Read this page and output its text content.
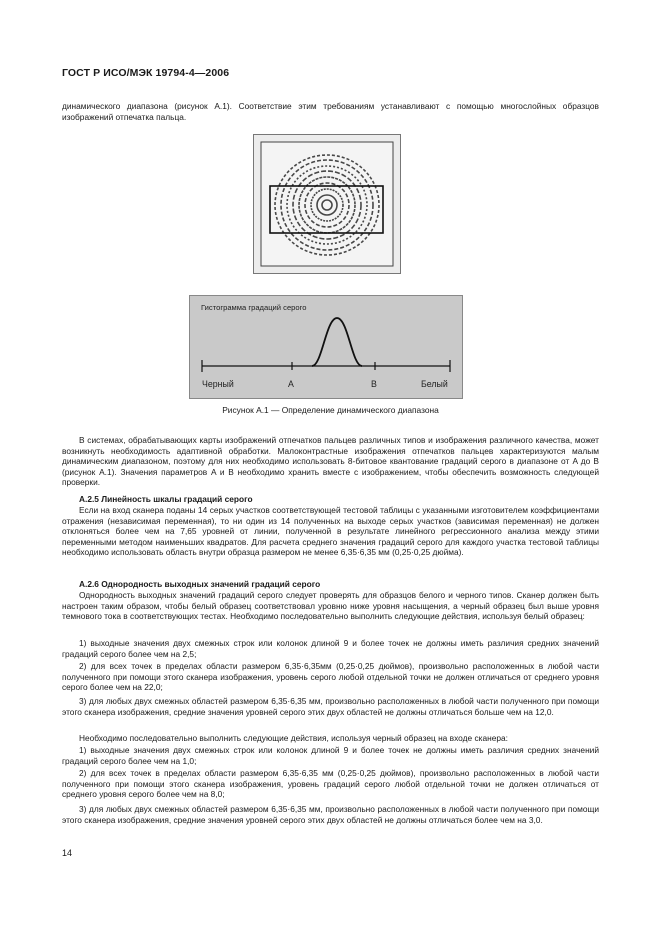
ГОСТ Р ИСО/МЭК 19794-4—2006

динамического диапазона (рисунок А.1). Соответствие этим требованиям устанавливают с помощью многослойных образцов изображений отпечатка пальца.

Гистограмма градаций серого
Черный	A	B	Белый
Рисунок А.1 — Определение динамического диапазона

В системах, обрабатывающих карты изображений отпечатков пальцев различных типов и изображения различного качества, может возникнуть необходимость адаптивной обработки. Малоконтрастные изображения отпечатков пальцев характеризуются малым динамическим диапазоном, поэтому для них необходимо использовать 8-битовое квантование градаций серого в диапазоне от A до B (рисунок А.1). Значения параметров A и B необходимо хранить вместе с изображением, чтобы обеспечить возможность следующей проверки.

А.2.5 Линейность шкалы градаций серого

Если на вход сканера поданы 14 серых участков соответствующей тестовой таблицы с указанными изготовителем коэффициентами отражения (независимая переменная), то ни один из 14 полученных на выходе серых участков (зависимая переменная) не должен отклоняться более чем на 7,65 уровней от линии, полученной в результате линейного регрессионного анализа между этими переменными методом наименьших квадратов. Для расчета среднего значения градаций серого для каждого участка тестовой таблицы необходимо использовать область внутри образца размером не менее 6,35·6,35 мм (0,25·0,25 дюйма).

А.2.6 Однородность выходных значений градаций серого

Однородность выходных значений градаций серого следует проверять для образцов белого и черного типов. Сканер должен быть настроен таким образом, чтобы белый образец соответствовал уровню ниже уровня насыщения, а черный образец был выше уровня темнового тока в соответствующих тестах. Необходимо последовательно выполнить следующие действия, используя белый образец:

1) выходные значения двух смежных строк или колонок длиной 9 и более точек не должны иметь различия средних значений градаций серого более чем на 2,5;

2) для всех точек в пределах области размером 6,35·6,35мм (0,25·0,25 дюймов), произвольно расположенных в любой части полученного при помощи этого сканера изображения, уровень серого любой отдельной точки не должен отличаться от среднего уровня серого более чем на 22,0;

3) для любых двух смежных областей размером 6,35·6,35 мм, произвольно расположенных в любой части полученного при помощи этого сканера изображения, средние значения уровней серого этих двух областей не должны отличаться больше чем на 12,0.

Необходимо последовательно выполнить следующие действия, используя черный образец на входе сканера:

1) выходные значения двух смежных строк или колонок длиной 9 и более точек не должны иметь различия средних значений градаций серого более чем на 1,0;

2) для всех точек в пределах области размером 6,35·6,35 мм (0,25·0,25 дюймов), произвольно расположенных в любой части полученного при помощи этого сканера изображения, уровень градаций серого любой отдельной точки не должен отличаться от среднего уровня серого более чем на 8,0;

3) для любых двух смежных областей размером 6,35·6,35 мм, произвольно расположенных в любой части полученного при помощи этого сканера изображения, средние значения уровней серого этих двух областей не должны отличаться более чем на 3,0.

14
